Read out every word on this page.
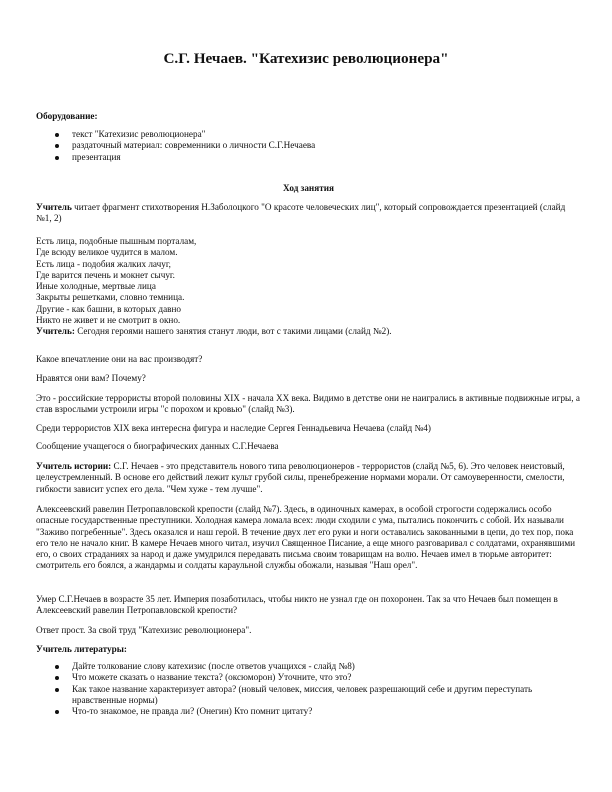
С.Г. Нечаев. "Катехизис революционера"

Оборудование:

текст "Катехизис революционера"
раздаточный материал: современники о личности С.Г.Нечаева
презентация
Ход занятия

Учитель читает фрагмент стихотворения Н.Заболоцкого "О красоте человеческих лиц", который сопровождается презентацией (слайд №1, 2)

Есть лица, подобные пышным порталам,

Где всюду великое чудится в малом.

Есть лица - подобия жалких лачуг,

Где варится печень и мокнет сычуг.

Иные холодные, мертвые лица

Закрыты решетками, словно темница.

Другие - как башни, в которых давно

Никто не живет и не смотрит в окно.

Учитель: Сегодня героями нашего занятия станут люди, вот с такими лицами (слайд №2).

Какое впечатление они на вас производят?
Нравятся они вам? Почему?
Это - российские террористы второй половины XIX - начала XX века. Видимо в детстве они не наигрались в активные подвижные игры, а став взрослыми устроили игры "с порохом и кровью" (слайд №3).
Среди террористов XIX века интересна фигура и наследие Сергея Геннадьевича Нечаева (слайд №4)
Сообщение учащегося о биографических данных С.Г.Нечаева

Учитель истории: С.Г. Нечаев - это представитель нового типа революционеров - террористов (слайд №5, 6). Это человек неистовый, целеустремленный. В основе его действий лежит культ грубой силы, пренебрежение нормами морали. От самоуверенности, смелости, гибкости зависит успех его дела. "Чем хуже - тем лучше".

Алексеевский равелин Петропавловской крепости (слайд №7). Здесь, в одиночных камерах, в особой строгости содержались особо опасные государственные преступники. Холодная камера ломала всех: люди сходили с ума, пытались покончить с собой. Их называли "Заживо погребенные". Здесь оказался и наш герой. В течение двух лет его руки и ноги оставались закованными в цепи, до тех пор, пока его тело не начало книг. В камере Нечаев много читал, изучил Священное Писание, а еще много разговаривал с солдатами, охранявшими его, о своих страданиях за народ и даже умудрился передавать письма своим товарищам на волю. Нечаев имел в тюрьме авторитет: смотритель его боялся, а жандармы и солдаты караульной службы обожали, называя "Наш орел".
Умер С.Г.Нечаев в возрасте 35 лет. Империя позаботилась, чтобы никто не узнал где он похоронен. Так за что Нечаев был помещен в Алексеевский равелин Петропавловской крепости?
Ответ прост. За свой труд "Катехизис революционера".

Учитель литературы:

Дайте толкование слову катехизис (после ответов учащихся - слайд №8)
Что можете сказать о название текста? (оксюморон) Уточните, что это?
Как такое название характеризует автора? (новый человек, миссия, человек разрешающий себе и другим переступать нравственные нормы)
Что-то знакомое, не правда ли? (Онегин) Кто помнит цитату?
